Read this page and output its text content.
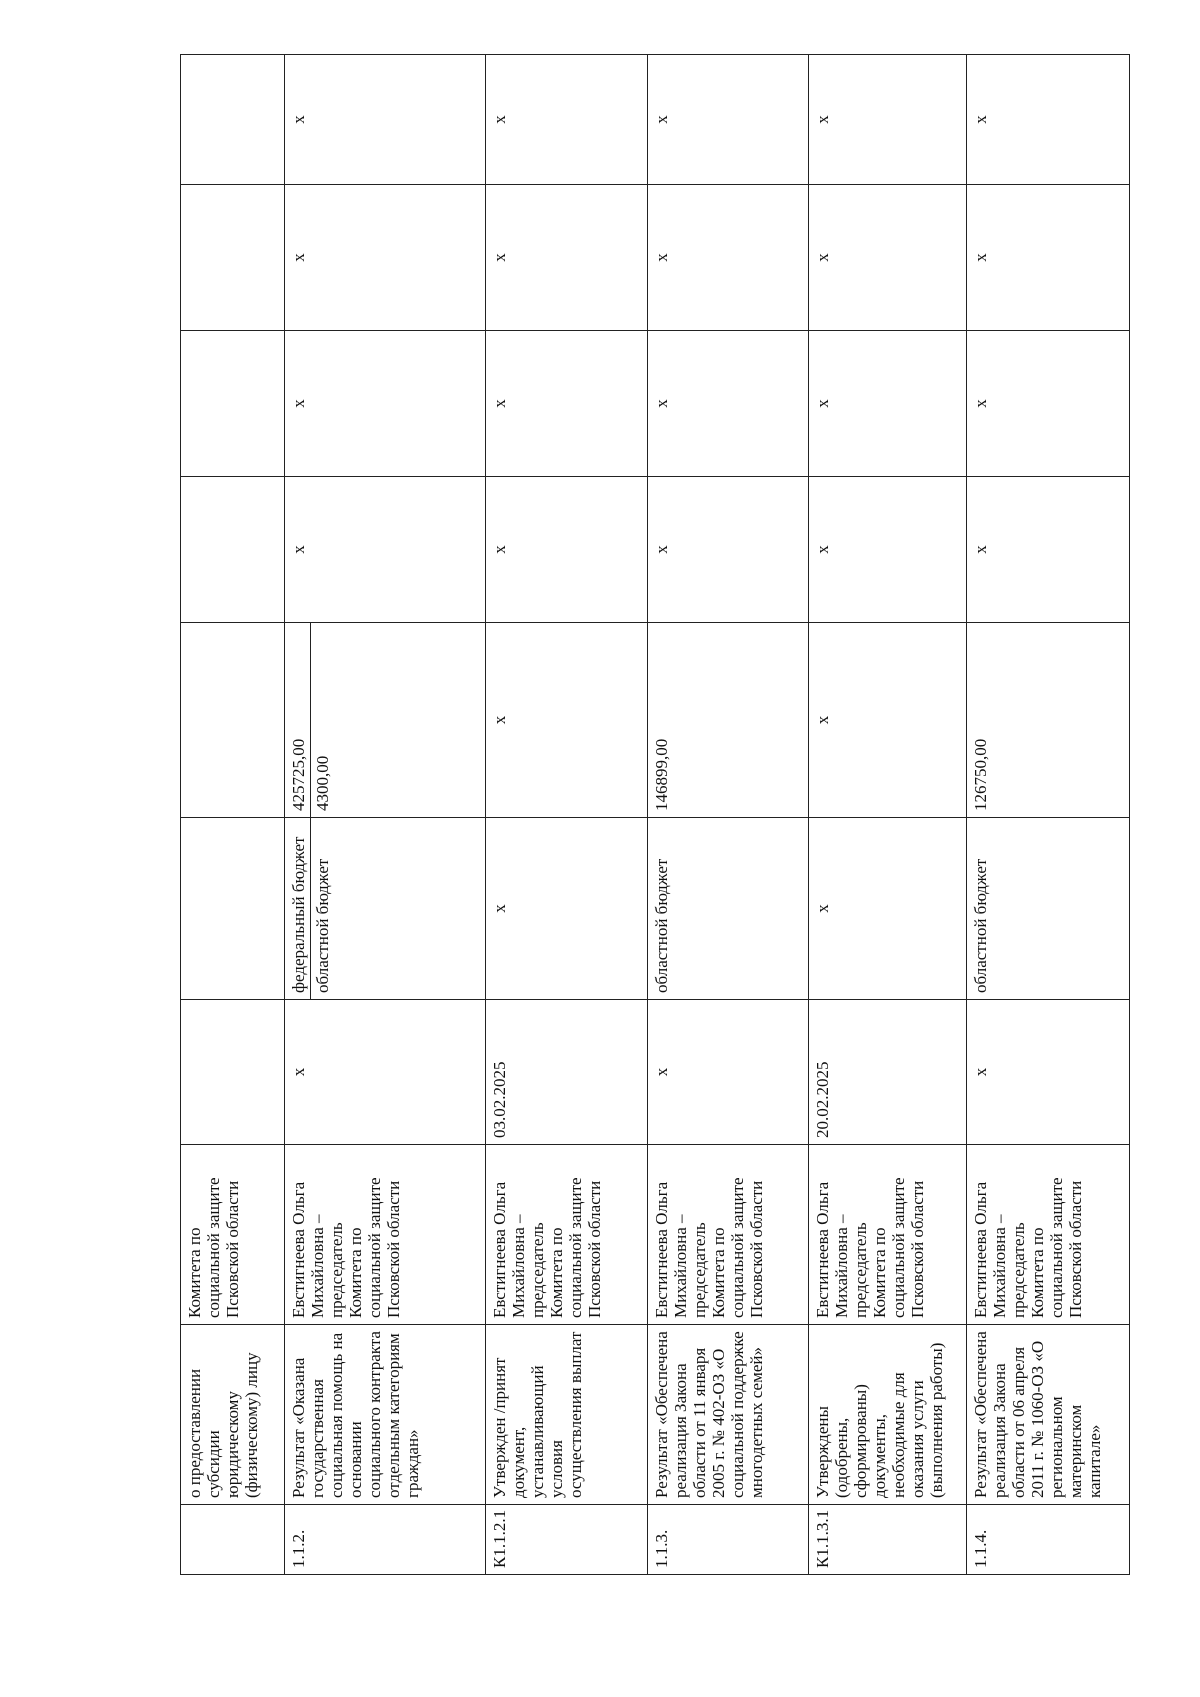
	о предоставлении субсидии юридическому (физическому) лицу	Комитета по социальной защите Псковской области							
1.1.2.	Результат «Оказана государственная социальная помощь на основании социального контракта отдельным категориям граждан»	Евстигнеева Ольга Михайловна – председатель Комитета по социальной защите Псковской области	x	федеральный бюджет областной бюджет	425725,00 4300,00	x	x	x	x
К1.1.2.1	Утвержден /принят документ, устанавливающий условия осуществления выплат	Евстигнеева Ольга Михайловна – председатель Комитета по социальной защите Псковской области	03.02.2025	x	x	x	x	x	x
1.1.3.	Результат «Обеспечена реализация Закона области от 11 января 2005 г. № 402-ОЗ «О социальной поддержке многодетных семей»	Евстигнеева Ольга Михайловна – председатель Комитета по социальной защите Псковской области	x	областной бюджет	146899,00	x	x	x	x
К1.1.3.1	Утверждены (одобрены, сформированы) документы, необходимые для оказания услуги (выполнения работы)	Евстигнеева Ольга Михайловна – председатель Комитета по социальной защите Псковской области	20.02.2025	x	x	x	x	x	x
1.1.4.	Результат «Обеспечена реализация Закона области от 06 апреля 2011 г. № 1060-ОЗ «О региональном материнском капитале»	Евстигнеева Ольга Михайловна – председатель Комитета по социальной защите Псковской области	x	областной бюджет	126750,00	x	x	x	x
